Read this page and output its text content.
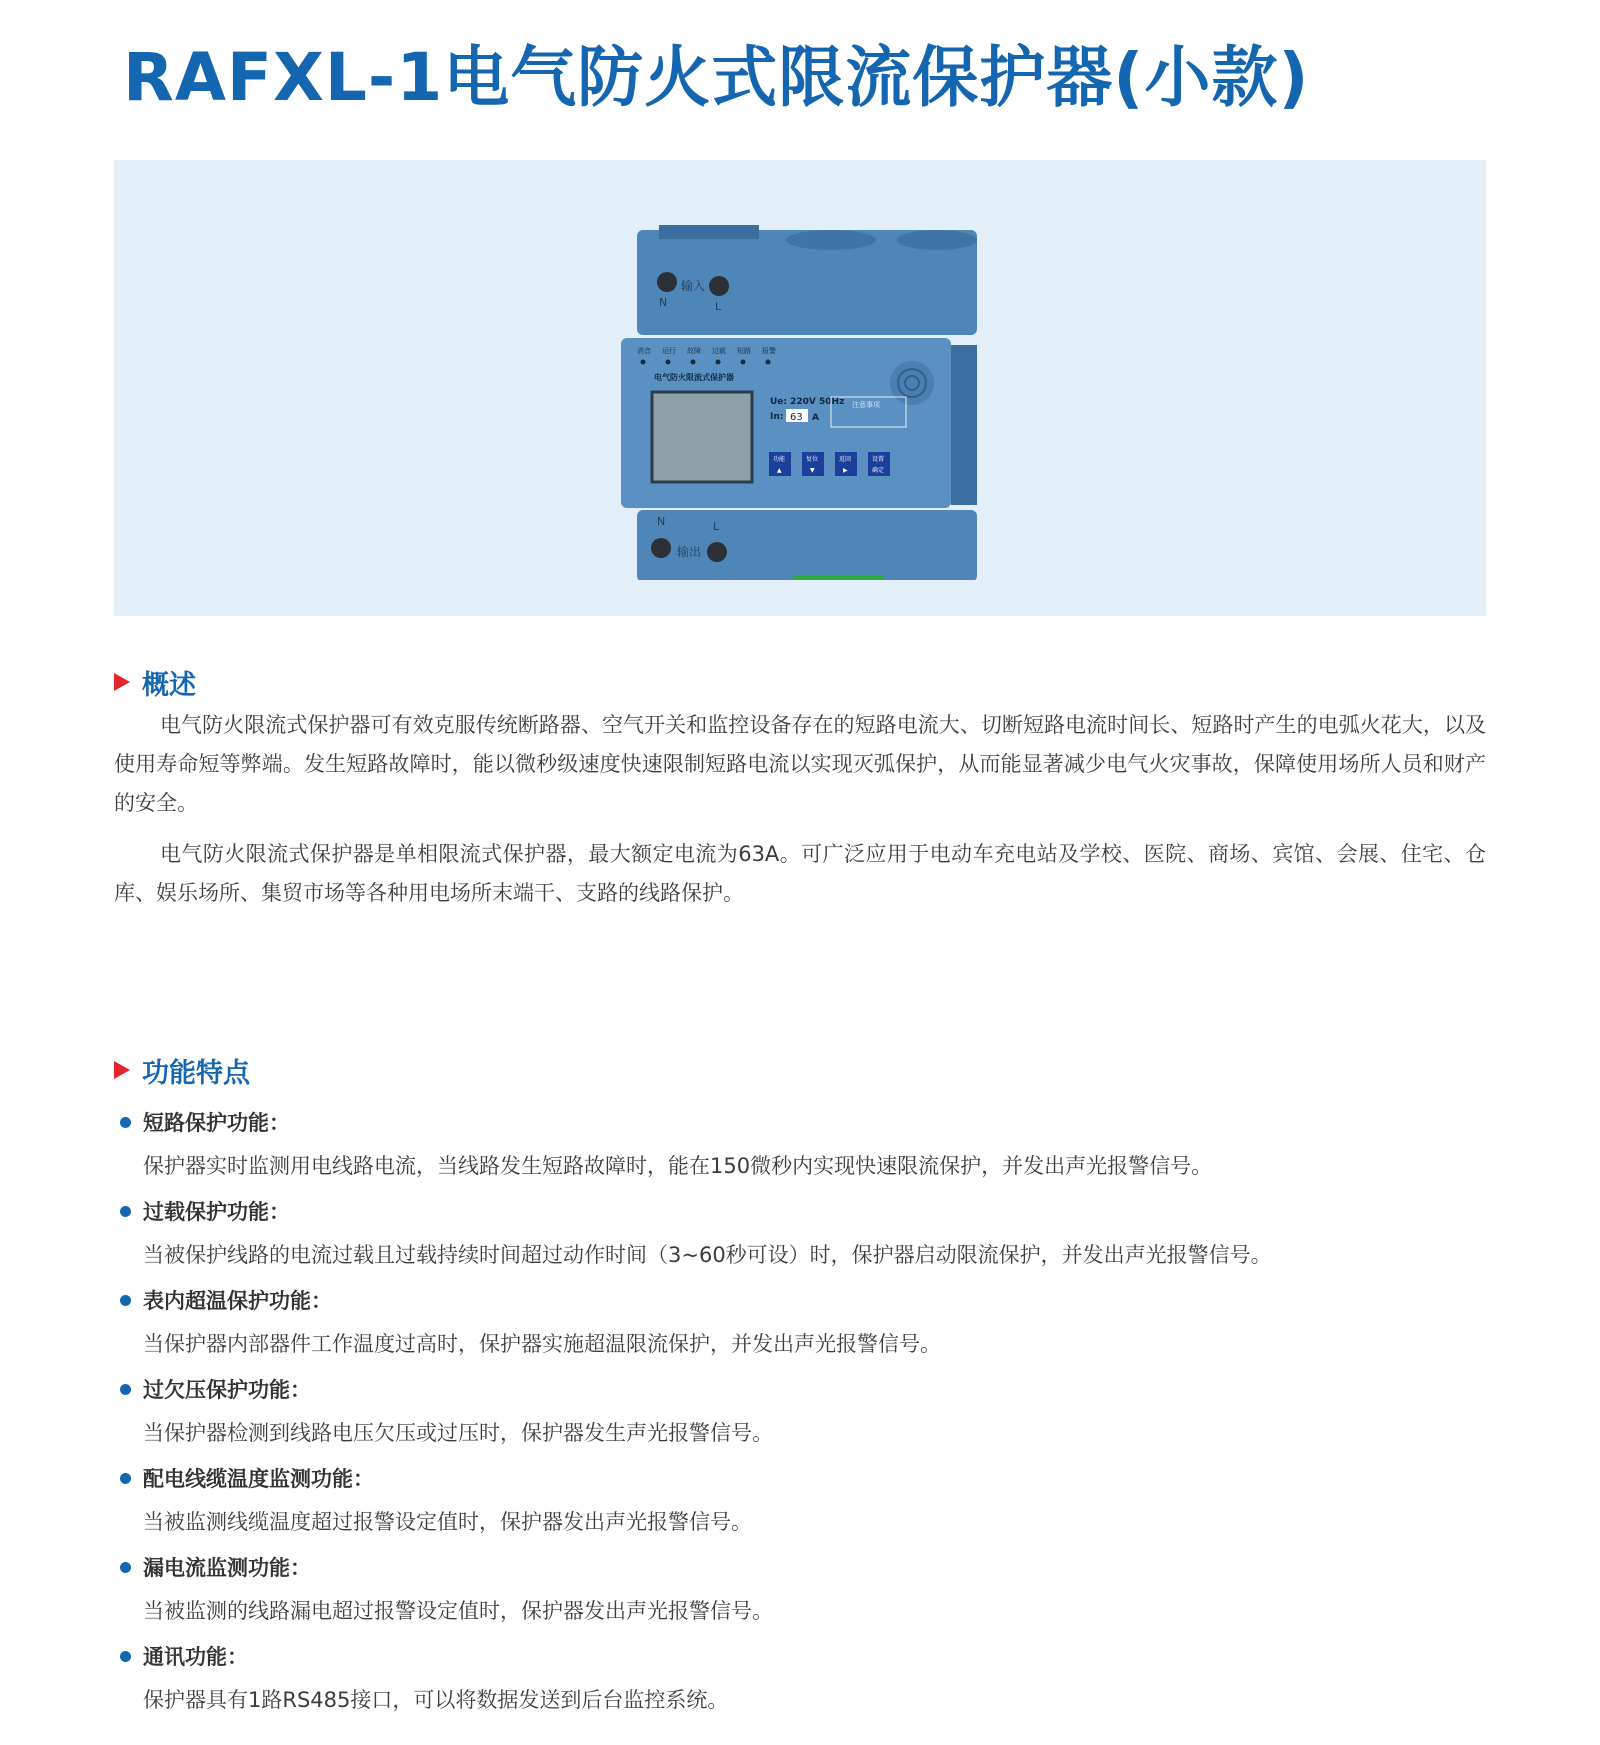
RAFXL-1电气防火式限流保护器(小款)
输入
N	L
消音 运行 故障 过载 短路 报警
电气防火限流式保护器
Ue: 220V 50Hz
In: 63 A
注意事项
功能
▲
复位
▼
返回
▶
设置
确定
输出
N	L
概述

电气防火限流式保护器可有效克服传统断路器、空气开关和监控设备存在的短路电流大、切断短路电流时间长、短路时产生的电弧火花大，以及使用寿命短等弊端。发生短路故障时，能以微秒级速度快速限制短路电流以实现灭弧保护，从而能显著减少电气火灾事故，保障使用场所人员和财产的安全。

电气防火限流式保护器是单相限流式保护器，最大额定电流为63A。可广泛应用于电动车充电站及学校、医院、商场、宾馆、会展、住宅、仓库、娱乐场所、集贸市场等各种用电场所末端干、支路的线路保护。

功能特点
短路保护功能：
保护器实时监测用电线路电流，当线路发生短路故障时，能在150微秒内实现快速限流保护，并发出声光报警信号。
过载保护功能：
当被保护线路的电流过载且过载持续时间超过动作时间（3~60秒可设）时，保护器启动限流保护，并发出声光报警信号。
表内超温保护功能：
当保护器内部器件工作温度过高时，保护器实施超温限流保护，并发出声光报警信号。
过欠压保护功能：
当保护器检测到线路电压欠压或过压时，保护器发生声光报警信号。
配电线缆温度监测功能：
当被监测线缆温度超过报警设定值时，保护器发出声光报警信号。
漏电流监测功能：
当被监测的线路漏电超过报警设定值时，保护器发出声光报警信号。
通讯功能：
保护器具有1路RS485接口，可以将数据发送到后台监控系统。
